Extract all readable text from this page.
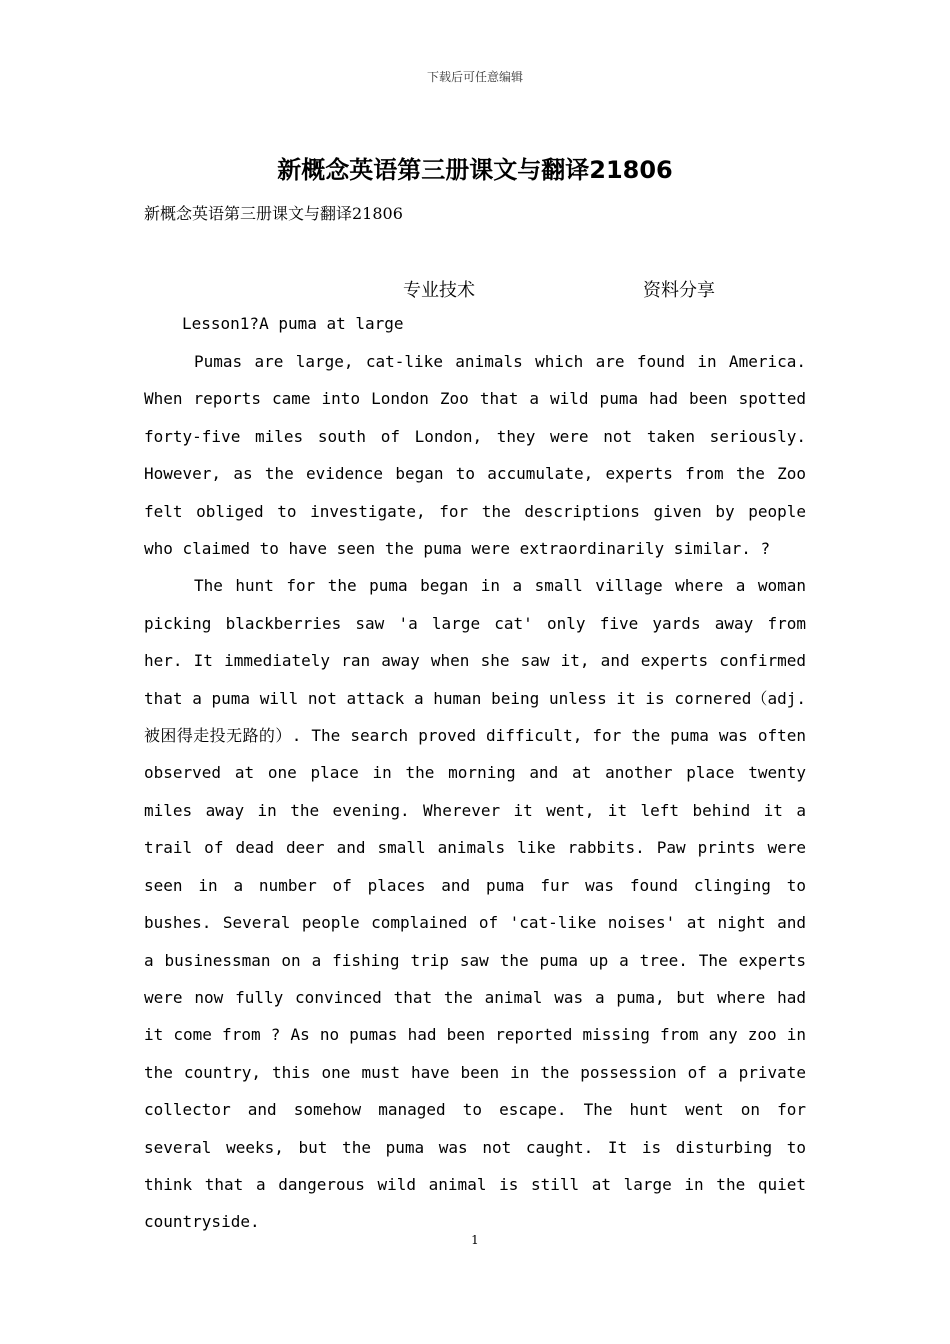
下载后可任意编辑
新概念英语第三册课文与翻译21806
新概念英语第三册课文与翻译21806
专业技术	资料分享
Lesson1?A puma at large

Pumas are large, cat-like animals which are found in America. When reports came into London Zoo that a wild puma had been spotted forty-five miles south of London, they were not taken seriously. However, as the evidence began to accumulate, experts from the Zoo felt obliged to investigate, for the descriptions given by people who claimed to have seen the puma were extraordinarily similar. ?

The hunt for the puma began in a small village where a woman picking blackberries saw 'a large cat' only five yards away from her. It immediately ran away when she saw it, and experts confirmed that a puma will not attack a human being unless it is cornered（adj.被困得走投无路的）. The search proved difficult, for the puma was often observed at one place in the morning and at another place twenty miles away in the evening. Wherever it went, it left behind it a trail of dead deer and small animals like rabbits. Paw prints were seen in a number of places and puma fur was found clinging to bushes. Several people complained of 'cat-like noises' at night and a businessman on a fishing trip saw the puma up a tree. The experts were now fully convinced that the animal was a puma, but where had it come from ? As no pumas had been reported missing from any zoo in the country, this one must have been in the possession of a private collector and somehow managed to escape. The hunt went on for several weeks, but the puma was not caught. It is disturbing to think that a dangerous wild animal is still at large in the quiet countryside.

1
